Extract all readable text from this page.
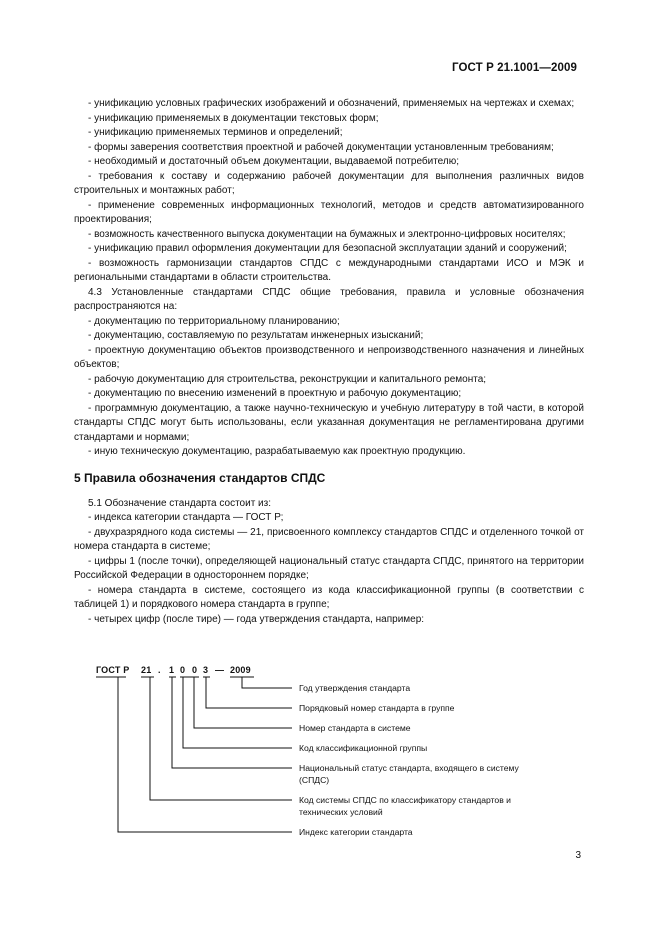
ГОСТ Р 21.1001—2009

- унификацию условных графических изображений и обозначений, применяемых на чертежах и схемах;

- унификацию применяемых в документации текстовых форм;

- унификацию применяемых терминов и определений;

- формы заверения соответствия проектной и рабочей документации установленным требованиям;

- необходимый и достаточный объем документации, выдаваемой потребителю;

- требования к составу и содержанию рабочей документации для выполнения различных видов строительных и монтажных работ;

- применение современных информационных технологий, методов и средств автоматизированного проектирования;

- возможность качественного выпуска документации на бумажных и электронно-цифровых носителях;

- унификацию правил оформления документации для безопасной эксплуатации зданий и сооружений;

- возможность гармонизации стандартов СПДС с международными стандартами ИСО и МЭК и региональными стандартами в области строительства.

4.3 Установленные стандартами СПДС общие требования, правила и условные обозначения распространяются на:

- документацию по территориальному планированию;

- документацию, составляемую по результатам инженерных изысканий;

- проектную документацию объектов производственного и непроизводственного назначения и линейных объектов;

- рабочую документацию для строительства, реконструкции и капитального ремонта;

- документацию по внесению изменений в проектную и рабочую документацию;

- программную документацию, а также научно-техническую и учебную литературу в той части, в которой стандарты СПДС могут быть использованы, если указанная документация не регламентирована другими стандартами и нормами;

- иную техническую документацию, разрабатываемую как проектную продукцию.

5 Правила обозначения стандартов СПДС

5.1 Обозначение стандарта состоит из:

- индекса категории стандарта — ГОСТ Р;

- двухразрядного кода системы — 21, присвоенного комплексу стандартов СПДС и отделенного точкой от номера стандарта в системе;

- цифры 1 (после точки), определяющей национальный статус стандарта СПДС, принятого на территории Российской Федерации в одностороннем порядке;

- номера стандарта в системе, состоящего из кода классификационной группы (в соответствии с таблицей 1) и порядкового номера стандарта в группе;

- четырех цифр (после тире) — года утверждения стандарта, например:

ГОСТ Р 21 . 1 0 0 3 — 2009
Год утверждения стандарта
Порядковый номер стандарта в группе
Номер стандарта в системе
Код классификационной группы
Национальный статус стандарта, входящего в систему (СПДС)
Код системы СПДС по классификатору стандартов и технических условий
Индекс категории стандарта
3
